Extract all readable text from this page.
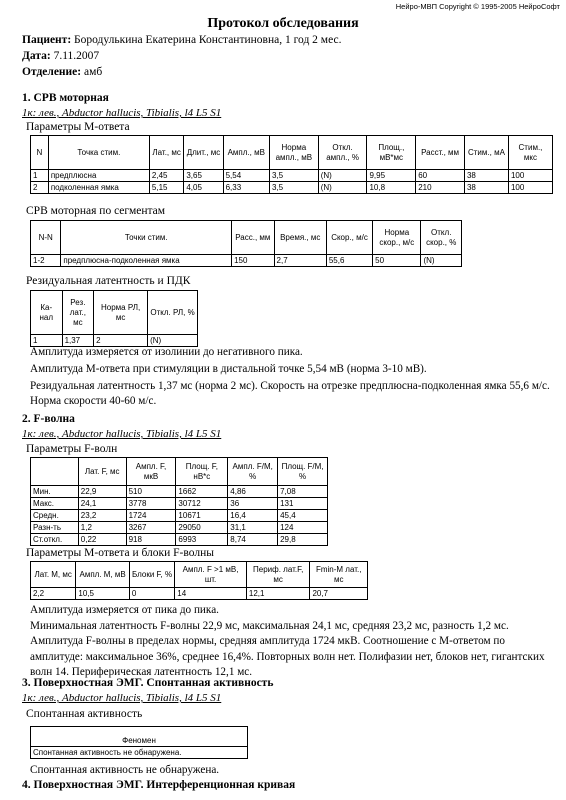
Нейро-МВП Copyright © 1995-2005 НейроСофт
Протокол обследования
Пациент: Бородулькина Екатерина Константиновна, 1 год 2 мес.
Дата: 7.11.2007
Отделение: амб
1. СРВ моторная
1к: лев., Abductor hallucis, Tibialis, l4 L5 S1
Параметры М-ответа
N	Точка стим.	Лат., мс	Длит., мс	Ампл., мВ	Норма ампл., мВ	Откл. ампл., %	Площ., мВ*мс	Расст., мм	Стим., мА	Стим., мкс
1	предплюсна	2,45	3,65	5,54	3,5	(N)	9,95	60	38	100
2	подколенная ямка	5,15	4,05	6,33	3,5	(N)	10,8	210	38	100
СРВ моторная по сегментам
N-N	Точки стим.	Расс., мм	Время., мс	Скор., м/с	Норма скор., м/с	Откл. скор., %
1-2	предплюсна-подколенная ямка	150	2,7	55,6	50	(N)
Резидуальная латентность и ПДК
Ка- нал	Рез. лат., мс	Норма РЛ, мс	Откл. РЛ, %
1	1,37	2	(N)
Амплитуда измеряется от изолинии до негативного пика.
Амплитуда М-ответа при стимуляции в дистальной точке 5,54 мВ (норма 3-10 мВ).
Резидуальная латентность 1,37 мс (норма 2 мс). Скорость на отрезке предплюсна-подколенная ямка 55,6 м/с. Норма скорости 40-60 м/с.
2. F-волна
1к: лев., Abductor hallucis, Tibialis, l4 L5 S1
Параметры F-волн
	Лат. F, мс	Ампл. F, мкВ	Площ. F, нВ*с	Ампл. F/M, %	Площ. F/M, %
Мин.	22,9	510	1662	4,86	7,08
Макс.	24,1	3778	30712	36	131
Средн.	23,2	1724	10671	16,4	45,4
Разн-ть	1,2	3267	29050	31,1	124
Ст.откл.	0,22	918	6993	8,74	29,8
Параметры М-ответа и блоки F-волны
Лат. М, мс	Ампл. М, мВ	Блоки F, %	Ампл. F >1 мВ, шт.	Периф. лат.F, мс	Fmin-M лат., мс
2,2	10,5	0	14	12,1	20,7
Амплитуда измеряется от пика до пика.
Минимальная латентность F-волны 22,9 мс, максимальная 24,1 мс, средняя 23,2 мс, разность 1,2 мс. Амплитуда F-волны в пределах нормы, средняя амплитуда 1724 мкВ. Соотношение с М-ответом по амплитуде: максимальное 36%, среднее 16,4%. Повторных волн нет. Полифазии нет, блоков нет, гигантских волн 14. Периферическая латентность 12,1 мс.
3. Поверхностная ЭМГ. Спонтанная активность
1к: лев., Abductor hallucis, Tibialis, l4 L5 S1
Спонтанная активность
Феномен
Спонтанная активность не обнаружена.
Спонтанная активность не обнаружена.
4. Поверхностная ЭМГ. Интерференционная кривая
